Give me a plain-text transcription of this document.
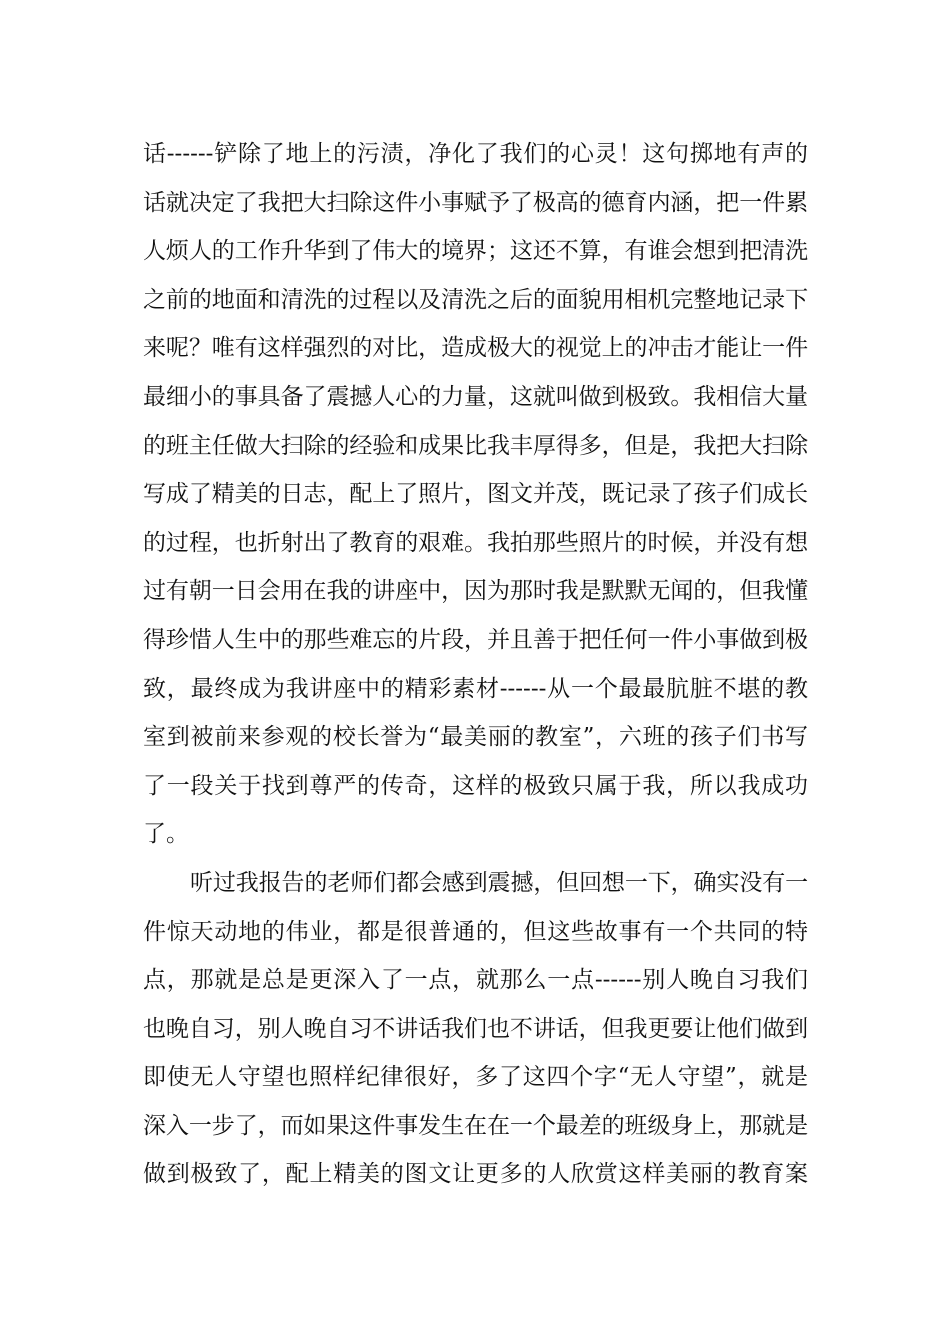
话------铲除了地上的污渍，净化了我们的心灵！这句掷地有声的
话就决定了我把大扫除这件小事赋予了极高的德育内涵，把一件累
人烦人的工作升华到了伟大的境界；这还不算，有谁会想到把清洗
之前的地面和清洗的过程以及清洗之后的面貌用相机完整地记录下
来呢？唯有这样强烈的对比，造成极大的视觉上的冲击才能让一件
最细小的事具备了震撼人心的力量，这就叫做到极致。我相信大量
的班主任做大扫除的经验和成果比我丰厚得多，但是，我把大扫除
写成了精美的日志，配上了照片，图文并茂，既记录了孩子们成长
的过程，也折射出了教育的艰难。我拍那些照片的时候，并没有想
过有朝一日会用在我的讲座中，因为那时我是默默无闻的，但我懂
得珍惜人生中的那些难忘的片段，并且善于把任何一件小事做到极
致，最终成为我讲座中的精彩素材------从一个最最肮脏不堪的教
室到被前来参观的校长誉为“最美丽的教室”，六班的孩子们书写
了一段关于找到尊严的传奇，这样的极致只属于我，所以我成功
了。
听过我报告的老师们都会感到震撼，但回想一下，确实没有一
件惊天动地的伟业，都是很普通的，但这些故事有一个共同的特
点，那就是总是更深入了一点，就那么一点------别人晚自习我们
也晚自习，别人晚自习不讲话我们也不讲话，但我更要让他们做到
即使无人守望也照样纪律很好，多了这四个字“无人守望”，就是
深入一步了，而如果这件事发生在在一个最差的班级身上，那就是
做到极致了，配上精美的图文让更多的人欣赏这样美丽的教育案
